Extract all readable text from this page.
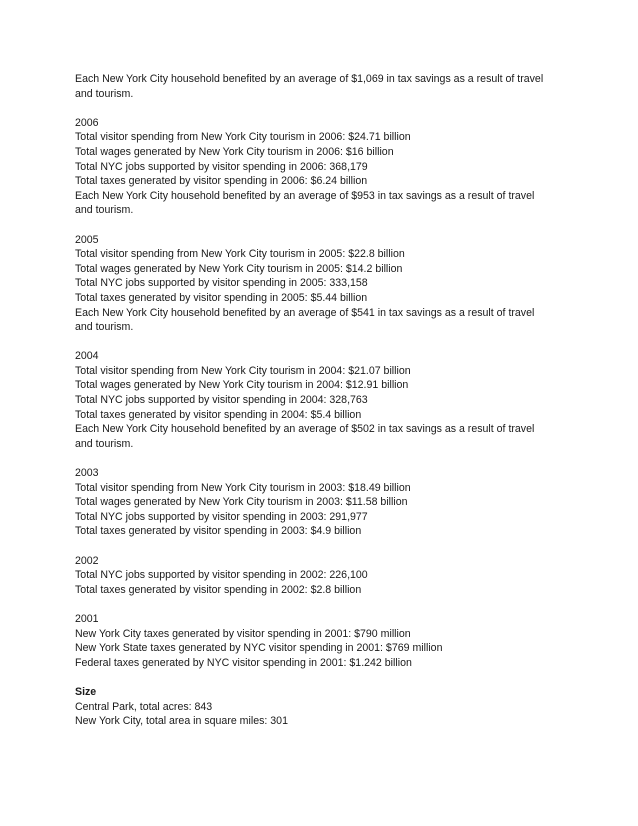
Each New York City household benefited by an average of $1,069 in tax savings as a result of travel
and tourism.
2006
Total visitor spending from New York City tourism in 2006: $24.71 billion
Total wages generated by New York City tourism in 2006: $16 billion
Total NYC jobs supported by visitor spending in 2006: 368,179
Total taxes generated by visitor spending in 2006: $6.24 billion
Each New York City household benefited by an average of $953 in tax savings as a result of travel
and tourism.
2005
Total visitor spending from New York City tourism in 2005: $22.8 billion
Total wages generated by New York City tourism in 2005: $14.2 billion
Total NYC jobs supported by visitor spending in 2005: 333,158
Total taxes generated by visitor spending in 2005: $5.44 billion
Each New York City household benefited by an average of $541 in tax savings as a result of travel
and tourism.
2004
Total visitor spending from New York City tourism in 2004: $21.07 billion
Total wages generated by New York City tourism in 2004: $12.91 billion
Total NYC jobs supported by visitor spending in 2004: 328,763
Total taxes generated by visitor spending in 2004: $5.4 billion
Each New York City household benefited by an average of $502 in tax savings as a result of travel
and tourism.
2003
Total visitor spending from New York City tourism in 2003: $18.49 billion
Total wages generated by New York City tourism in 2003: $11.58 billion
Total NYC jobs supported by visitor spending in 2003: 291,977
Total taxes generated by visitor spending in 2003: $4.9 billion
2002
Total NYC jobs supported by visitor spending in 2002: 226,100
Total taxes generated by visitor spending in 2002: $2.8 billion
2001
New York City taxes generated by visitor spending in 2001: $790 million
New York State taxes generated by NYC visitor spending in 2001: $769 million
Federal taxes generated by NYC visitor spending in 2001: $1.242 billion
Size
Central Park, total acres: 843
New York City, total area in square miles: 301
